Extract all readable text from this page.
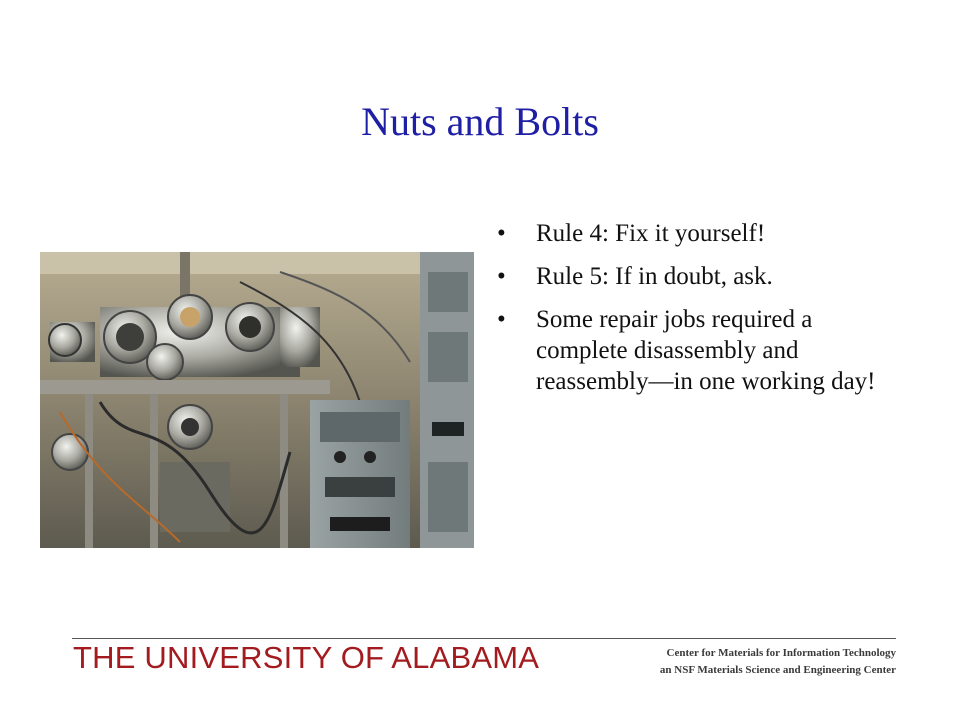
Nuts and Bolts
• Rule 4: Fix it yourself!
• Rule 5: If in doubt, ask.
• Some repair jobs required a complete disassembly and reassembly—in one working day!
THE UNIVERSITY OF ALABAMA	Center for Materials for Information Technology
an NSF Materials Science and Engineering Center
